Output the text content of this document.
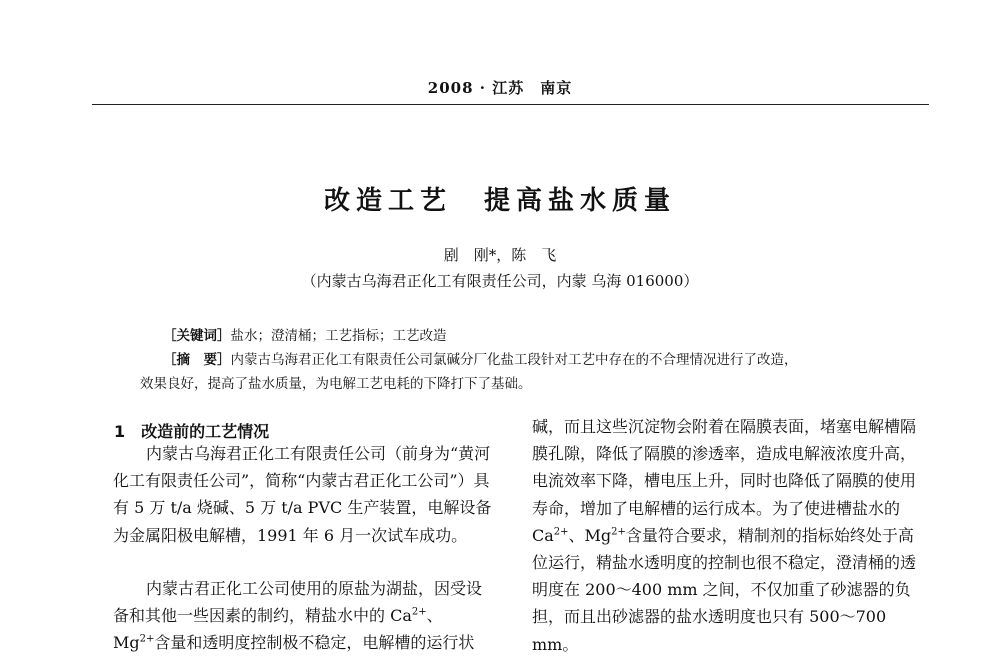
2008 · 江苏　南京
改造工艺　提高盐水质量
剧　刚*，陈　飞
（内蒙古乌海君正化工有限责任公司，内蒙 乌海 016000）
［关键词］盐水；澄清桶；工艺指标；工艺改造
［摘　要］内蒙古乌海君正化工有限责任公司氯碱分厂化盐工段针对工艺中存在的不合理情况进行了改造，
效果良好，提高了盐水质量，为电解工艺电耗的下降打下了基础。
1　改造前的工艺情况
内蒙古乌海君正化工有限责任公司（前身为“黄河化工有限责任公司”，简称“内蒙古君正化工公司”）具有 5 万 t/a 烧碱、5 万 t/a PVC 生产装置，电解设备为金属阳极电解槽，1991 年 6 月一次试车成功。
内蒙古君正化工公司使用的原盐为湖盐，因受设备和其他一些因素的制约，精盐水中的 $Ca^{2+}$、$Mg^{2+}$含量和透明度控制极不稳定，电解槽的运行状
碱，而且这些沉淀物会附着在隔膜表面，堵塞电解槽隔膜孔隙，降低了隔膜的渗透率，造成电解液浓度升高，电流效率下降，槽电压上升，同时也降低了隔膜的使用寿命，增加了电解槽的运行成本。为了使进槽盐水的 $Ca^{2+}$、$Mg^{2+}$含量符合要求，精制剂的指标始终处于高位运行，精盐水透明度的控制也很不稳定，澄清桶的透明度在 200～400 mm 之间，不仅加重了砂滤器的负担，而且出砂滤器的盐水透明度也只有 500～700 mm。
